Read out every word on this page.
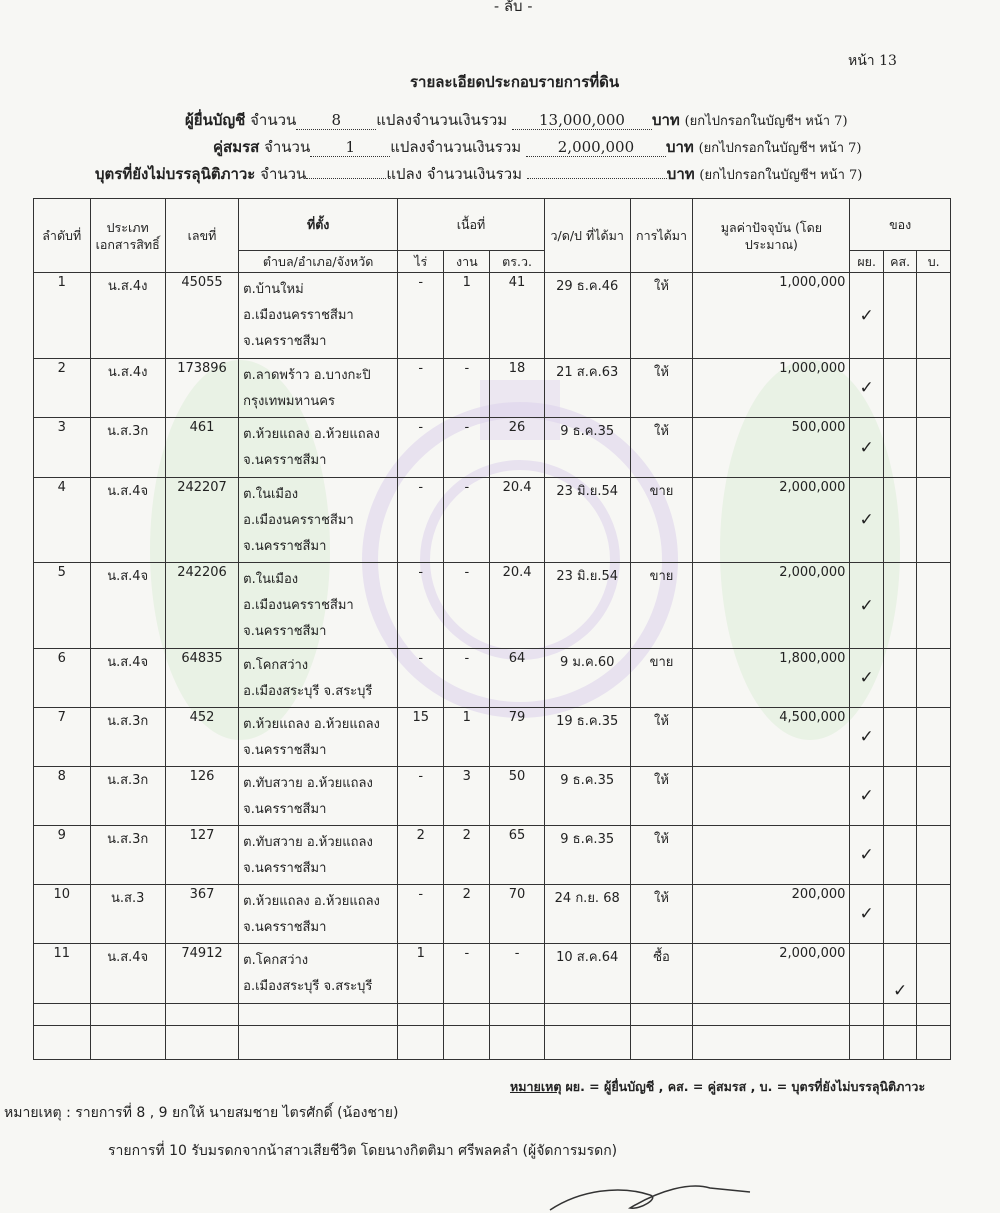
- ลับ -
หน้า 13
รายละเอียดประกอบรายการที่ดิน
ผู้ยื่นบัญชี จำนวน 8 แปลงจำนวนเงินรวม 13,000,000 บาท (ยกไปกรอกในบัญชีฯ หน้า 7)
คู่สมรส จำนวน 1 แปลงจำนวนเงินรวม 2,000,000 บาท (ยกไปกรอกในบัญชีฯ หน้า 7)
บุตรที่ยังไม่บรรลุนิติภาวะ จำนวน	แปลง จำนวนเงินรวม	บาท (ยกไปกรอกในบัญชีฯ หน้า 7)
ลำดับที่	ประเภทเอกสารสิทธิ์	เลขที่	ที่ตั้ง	เนื้อที่			ว/ด/ป ที่ได้มา	การได้มา	มูลค่าปัจจุบัน (โดยประมาณ)	ของ		
			ตำบล/อำเภอ/จังหวัด	ไร่	งาน	ตร.ว.				ผย.	คส.	บ.
1	น.ส.4ง	45055	ต.บ้านใหม่
อ.เมืองนครราชสีมา
จ.นครราชสีมา	-	1	41	29 ธ.ค.46	ให้	1,000,000	✓		
2	น.ส.4ง	173896	ต.ลาดพร้าว อ.บางกะปิ
กรุงเทพมหานคร	-	-	18	21 ส.ค.63	ให้	1,000,000	✓		
3	น.ส.3ก	461	ต.ห้วยแถลง อ.ห้วยแถลง
จ.นครราชสีมา	-	-	26	9 ธ.ค.35	ให้	500,000	✓		
4	น.ส.4จ	242207	ต.ในเมือง
อ.เมืองนครราชสีมา
จ.นครราชสีมา	-	-	20.4	23 มิ.ย.54	ขาย	2,000,000	✓		
5	น.ส.4จ	242206	ต.ในเมือง
อ.เมืองนครราชสีมา
จ.นครราชสีมา	-	-	20.4	23 มิ.ย.54	ขาย	2,000,000	✓		
6	น.ส.4จ	64835	ต.โคกสว่าง
อ.เมืองสระบุรี จ.สระบุรี	-	-	64	9 ม.ค.60	ขาย	1,800,000	✓		
7	น.ส.3ก	452	ต.ห้วยแถลง อ.ห้วยแถลง
จ.นครราชสีมา	15	1	79	19 ธ.ค.35	ให้	4,500,000	✓		
8	น.ส.3ก	126	ต.ทับสวาย อ.ห้วยแถลง
จ.นครราชสีมา	-	3	50	9 ธ.ค.35	ให้		✓		
9	น.ส.3ก	127	ต.ทับสวาย อ.ห้วยแถลง
จ.นครราชสีมา	2	2	65	9 ธ.ค.35	ให้		✓		
10	น.ส.3	367	ต.ห้วยแถลง อ.ห้วยแถลง
จ.นครราชสีมา	-	2	70	24 ก.ย. 68	ให้	200,000	✓		
11	น.ส.4จ	74912	ต.โคกสว่าง
อ.เมืองสระบุรี จ.สระบุรี	1	-	-	10 ส.ค.64	ซื้อ	2,000,000		✓	

หมายเหตุ ผย. = ผู้ยื่นบัญชี , คส. = คู่สมรส , บ. = บุตรที่ยังไม่บรรลุนิติภาวะ
หมายเหตุ : รายการที่ 8 , 9 ยกให้ นายสมชาย ไตรศักดิ์ (น้องชาย)
รายการที่ 10 รับมรดกจากน้าสาวเสียชีวิต โดยนางกิตติมา ศรีพลคลำ (ผู้จัดการมรดก)
